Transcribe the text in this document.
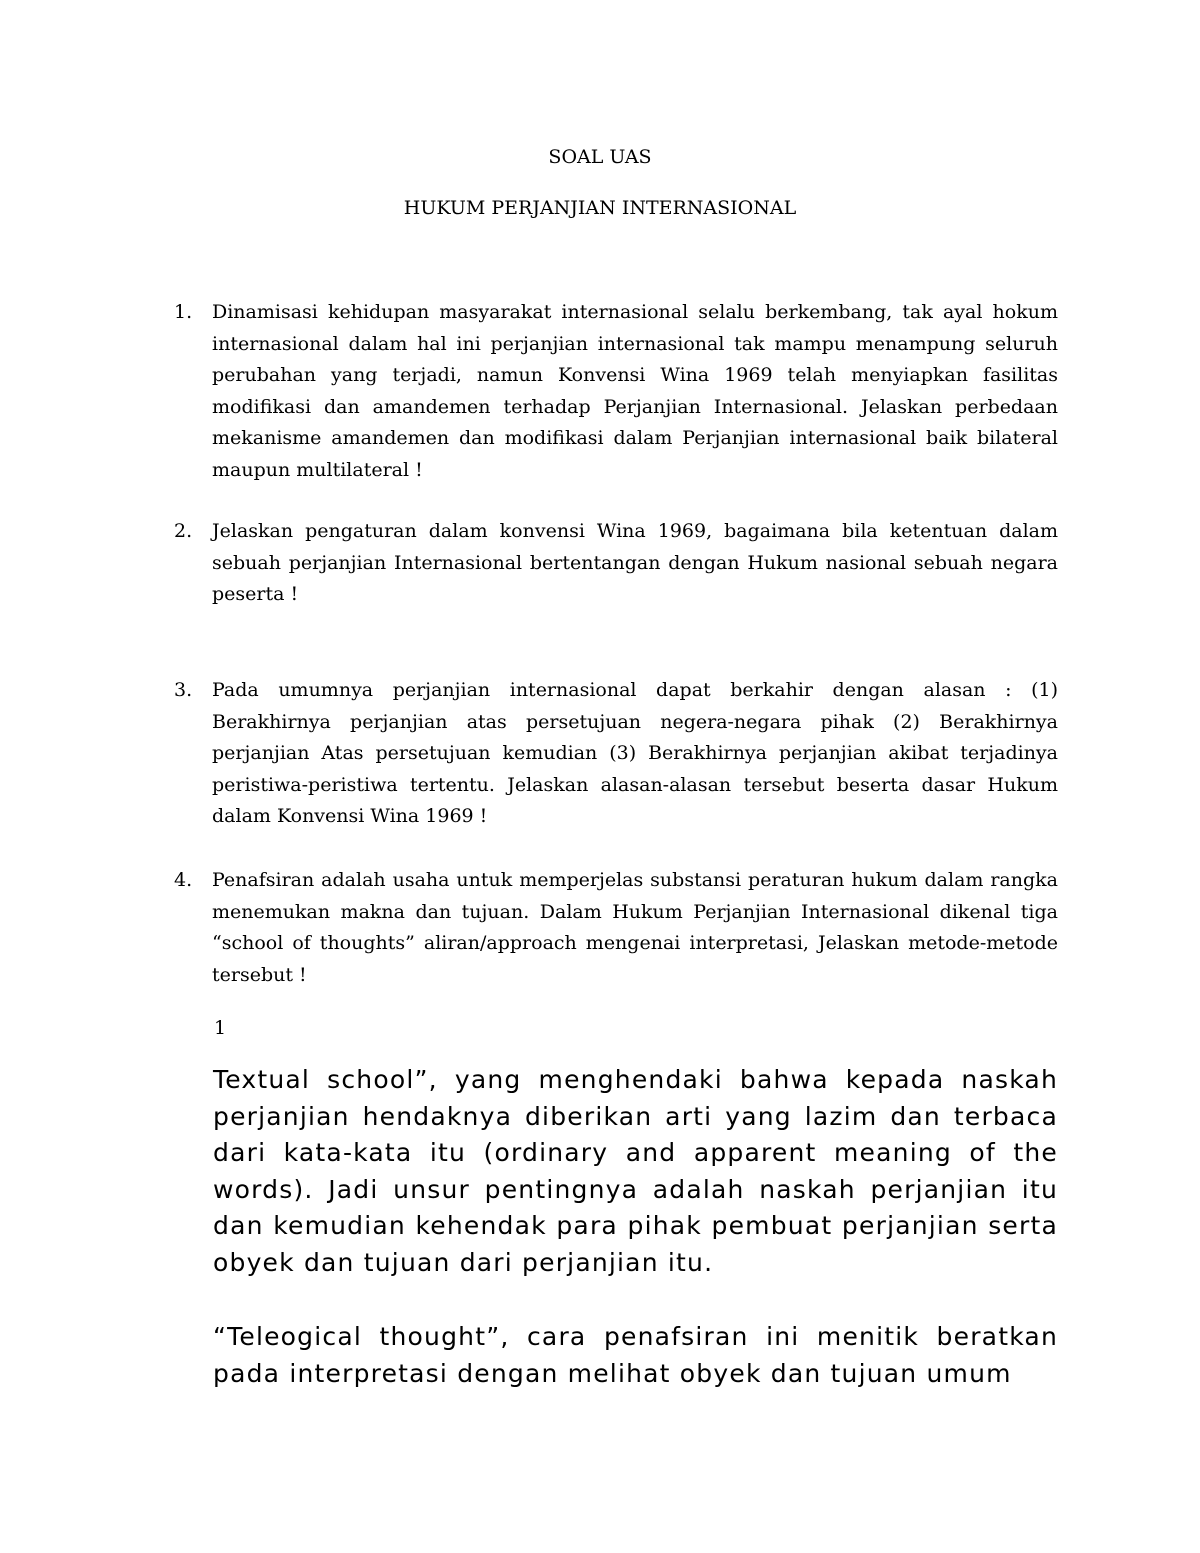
SOAL UAS
HUKUM PERJANJIAN INTERNASIONAL
1.	Dinamisasi kehidupan masyarakat internasional selalu berkembang, tak ayal hokum internasional dalam hal ini perjanjian internasional tak mampu menampung seluruh perubahan yang terjadi, namun Konvensi Wina 1969 telah menyiapkan fasilitas modifikasi dan amandemen terhadap Perjanjian Internasional. Jelaskan perbedaan mekanisme amandemen dan modifikasi dalam Perjanjian internasional baik bilateral maupun multilateral !
2.	Jelaskan pengaturan dalam konvensi Wina 1969, bagaimana bila ketentuan dalam sebuah perjanjian Internasional bertentangan dengan Hukum nasional sebuah negara peserta !
3.	Pada umumnya perjanjian internasional dapat berkahir dengan alasan : (1) Berakhirnya perjanjian atas persetujuan negera-negara pihak (2) Berakhirnya perjanjian Atas persetujuan kemudian (3) Berakhirnya perjanjian akibat terjadinya peristiwa-peristiwa tertentu. Jelaskan alasan-alasan tersebut beserta dasar Hukum dalam Konvensi Wina 1969 !
4.	Penafsiran adalah usaha untuk memperjelas substansi peraturan hukum dalam rangka menemukan makna dan tujuan. Dalam Hukum Perjanjian Internasional dikenal tiga “school of thoughts” aliran/approach mengenai interpretasi, Jelaskan metode-metode tersebut !
1

Textual school”, yang menghendaki bahwa kepada naskah perjanjian hendaknya diberikan arti yang lazim dan terbaca dari kata-kata itu (ordinary and apparent meaning of the words). Jadi unsur pentingnya adalah naskah perjanjian itu dan kemudian kehendak para pihak pembuat perjanjian serta obyek dan tujuan dari perjanjian itu.

“Teleogical thought”, cara penafsiran ini menitik beratkan pada interpretasi dengan melihat obyek dan tujuan umum
